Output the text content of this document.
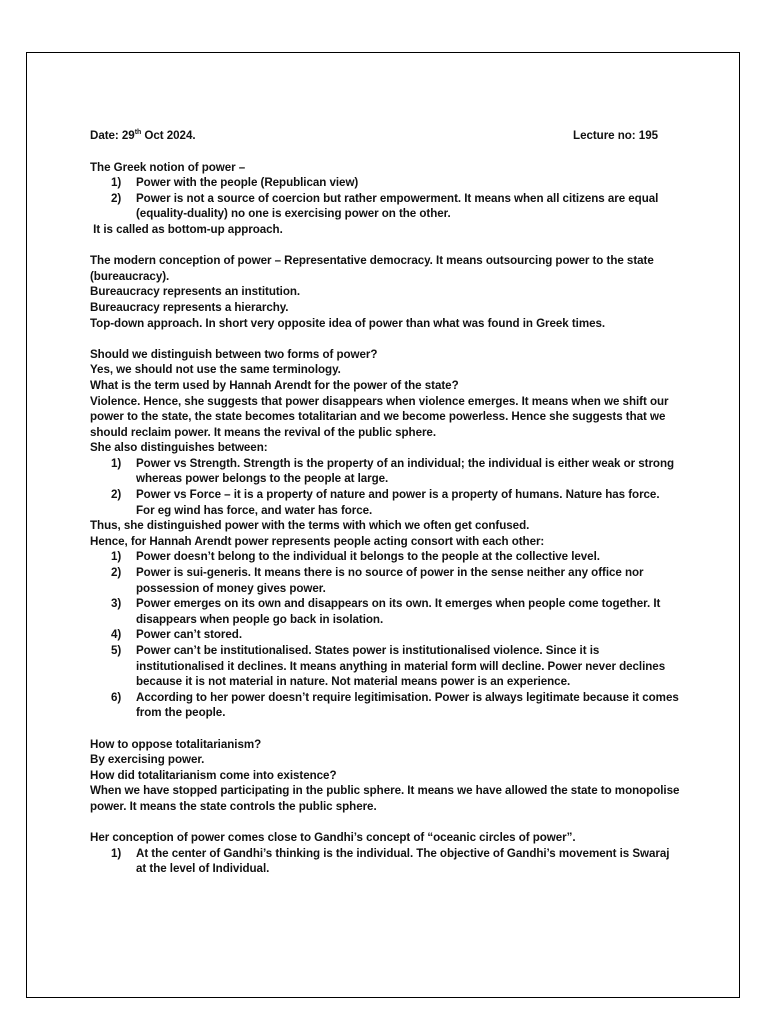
Date: 29th Oct 2024.	Lecture no: 195
The Greek notion of power –
1) Power with the people (Republican view)
2) Power is not a source of coercion but rather empowerment. It means when all citizens are equal (equality-duality) no one is exercising power on the other.
It is called as bottom-up approach.
The modern conception of power – Representative democracy. It means outsourcing power to the state (bureaucracy).
Bureaucracy represents an institution.
Bureaucracy represents a hierarchy.
Top-down approach. In short very opposite idea of power than what was found in Greek times.
Should we distinguish between two forms of power?
Yes, we should not use the same terminology.
What is the term used by Hannah Arendt for the power of the state?
Violence. Hence, she suggests that power disappears when violence emerges. It means when we shift our power to the state, the state becomes totalitarian and we become powerless. Hence she suggests that we should reclaim power. It means the revival of the public sphere.
She also distinguishes between:
1) Power vs Strength. Strength is the property of an individual; the individual is either weak or strong whereas power belongs to the people at large.
2) Power vs Force – it is a property of nature and power is a property of humans. Nature has force. For eg wind has force, and water has force.
Thus, she distinguished power with the terms with which we often get confused.
Hence, for Hannah Arendt power represents people acting consort with each other:
1) Power doesn’t belong to the individual it belongs to the people at the collective level.
2) Power is sui-generis. It means there is no source of power in the sense neither any office nor possession of money gives power.
3) Power emerges on its own and disappears on its own. It emerges when people come together. It disappears when people go back in isolation.
4) Power can’t stored.
5) Power can’t be institutionalised. States power is institutionalised violence. Since it is institutionalised it declines. It means anything in material form will decline. Power never declines because it is not material in nature. Not material means power is an experience.
6) According to her power doesn’t require legitimisation. Power is always legitimate because it comes from the people.
How to oppose totalitarianism?
By exercising power.
How did totalitarianism come into existence?
When we have stopped participating in the public sphere. It means we have allowed the state to monopolise power. It means the state controls the public sphere.
Her conception of power comes close to Gandhi’s concept of “oceanic circles of power”.
1) At the center of Gandhi’s thinking is the individual. The objective of Gandhi’s movement is Swaraj at the level of Individual.
